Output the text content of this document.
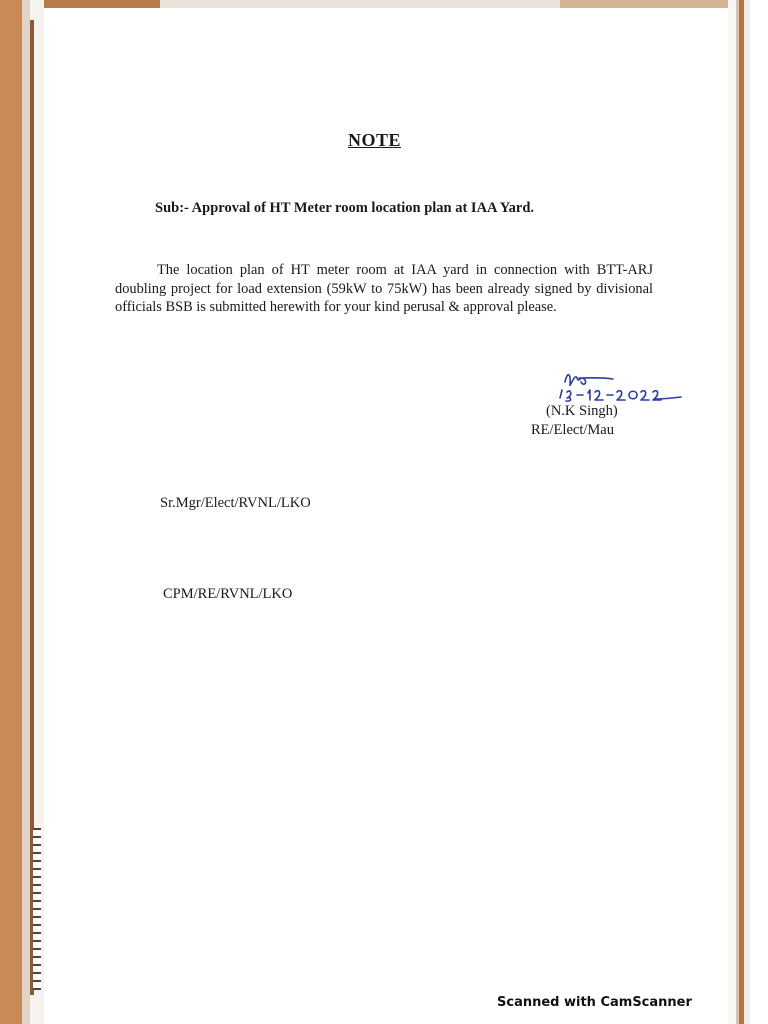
NOTE
Sub:- Approval of HT Meter room location plan at IAA Yard.
The location plan of HT meter room at IAA yard in connection with BTT-ARJ doubling project for load extension (59kW to 75kW) has been already signed by divisional officials BSB is submitted herewith for your kind perusal & approval please.
(N.K Singh)
RE/Elect/Mau
Sr.Mgr/Elect/RVNL/LKO
CPM/RE/RVNL/LKO
Scanned with CamScanner
